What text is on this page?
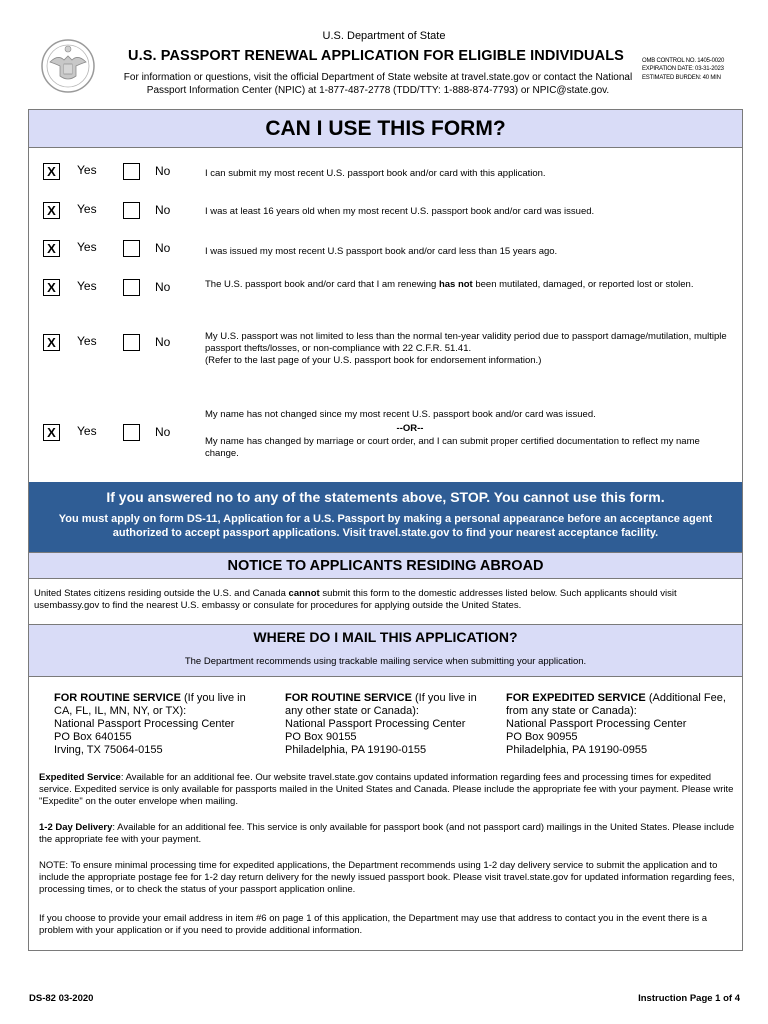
U.S. Department of State
U.S. PASSPORT RENEWAL APPLICATION FOR ELIGIBLE INDIVIDUALS
For information or questions, visit the official Department of State website at travel.state.gov or contact the National
Passport Information Center (NPIC) at 1-877-487-2778 (TDD/TTY: 1-888-874-7793) or NPIC@state.gov.
OMB CONTROL NO. 1405-0020
EXPIRATION DATE: 03-31-2023
ESTIMATED BURDEN: 40 MIN
CAN I USE THIS FORM?
X	Yes	No	I can submit my most recent U.S. passport book and/or card with this application.
X	Yes	No	I was at least 16 years old when my most recent U.S. passport book and/or card was issued.
X	Yes	No	I was issued my most recent U.S passport book and/or card less than 15 years ago.
X	Yes	No	The U.S. passport book and/or card that I am renewing has not been mutilated, damaged, or reported lost or stolen.
X	Yes	No	My U.S. passport was not limited to less than the normal ten-year validity period due to passport damage/mutilation, multiple passport thefts/losses, or non-compliance with 22 C.F.R. 51.41.
(Refer to the last page of your U.S. passport book for endorsement information.)
X	Yes	No
My name has not changed since my most recent U.S. passport book and/or card was issued.
--OR--
My name has changed by marriage or court order, and I can submit proper certified documentation to reflect my name change.
If you answered no to any of the statements above, STOP. You cannot use this form.
You must apply on form DS-11, Application for a U.S. Passport by making a personal appearance before an acceptance agent authorized to accept passport applications. Visit travel.state.gov to find your nearest acceptance facility.
NOTICE TO APPLICANTS RESIDING ABROAD
United States citizens residing outside the U.S. and Canada cannot submit this form to the domestic addresses listed below. Such applicants should visit usembassy.gov to find the nearest U.S. embassy or consulate for procedures for applying outside the United States.
WHERE DO I MAIL THIS APPLICATION?
The Department recommends using trackable mailing service when submitting your application.
FOR ROUTINE SERVICE (If you live in CA, FL, IL, MN, NY, or TX):
National Passport Processing Center
PO Box 640155
Irving, TX 75064-0155
FOR ROUTINE SERVICE (If you live in any other state or Canada):
National Passport Processing Center
PO Box 90155
Philadelphia, PA 19190-0155
FOR EXPEDITED SERVICE (Additional Fee, from any state or Canada):
National Passport Processing Center
PO Box 90955
Philadelphia, PA 19190-0955
Expedited Service: Available for an additional fee. Our website travel.state.gov contains updated information regarding fees and processing times for expedited service. Expedited service is only available for passports mailed in the United States and Canada. Please include the appropriate fee with your payment. Please write "Expedite" on the outer envelope when mailing.
1-2 Day Delivery: Available for an additional fee. This service is only available for passport book (and not passport card) mailings in the United States. Please include the appropriate fee with your payment.
NOTE: To ensure minimal processing time for expedited applications, the Department recommends using 1-2 day delivery service to submit the application and to include the appropriate postage fee for 1-2 day return delivery for the newly issued passport book. Please visit travel.state.gov for updated information regarding fees, processing times, or to check the status of your passport application online.
If you choose to provide your email address in item #6 on page 1 of this application, the Department may use that address to contact you in the event there is a problem with your application or if you need to provide additional information.
DS-82 03-2020	Instruction Page 1 of 4
